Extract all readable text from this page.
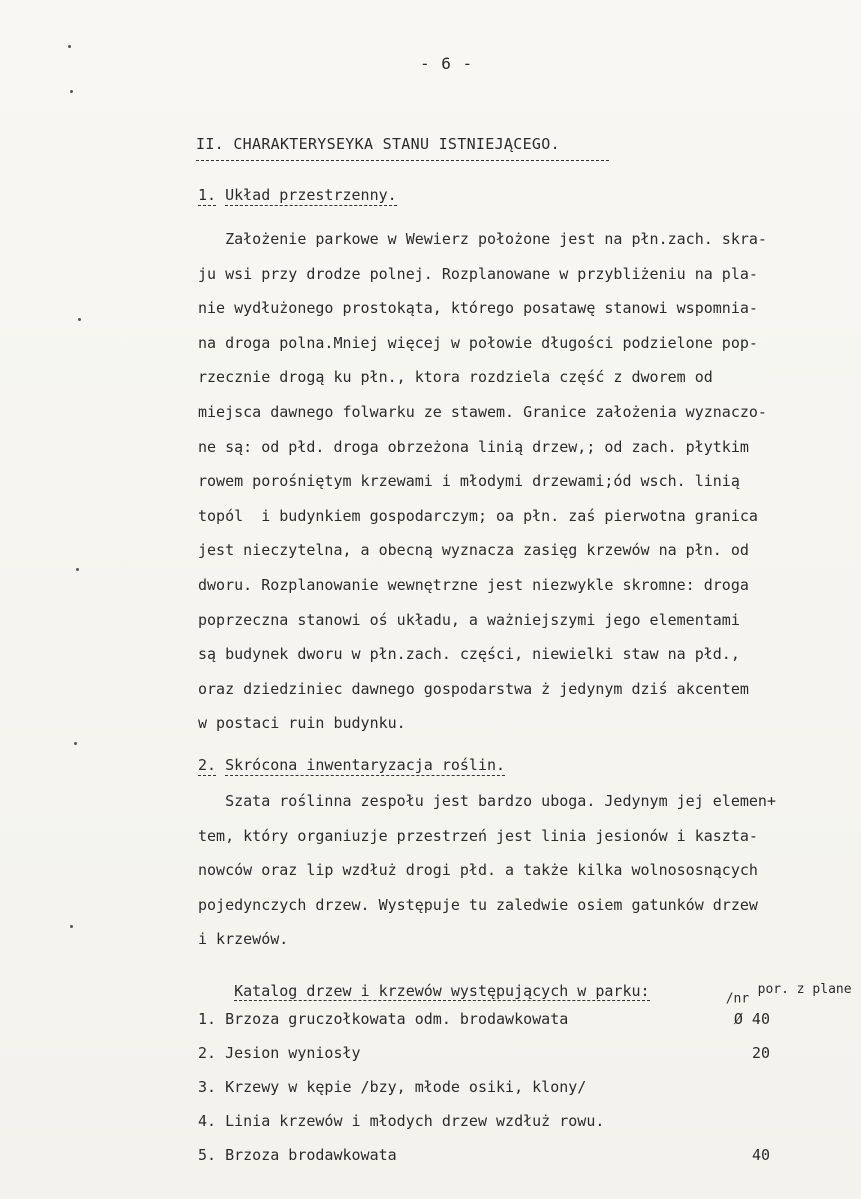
- 6 -
II. CHARAKTERYSEYKA STANU ISTNIEJĄCEGO.
1. Układ przestrzenny.
Założenie parkowe w Wewierz położone jest na płn.zach. skra-
ju wsi przy drodze polnej. Rozplanowane w przybliżeniu na pla-
nie wydłużonego prostokąta, którego posatawę stanowi wspomnia-
na droga polna.Mniej więcej w połowie długości podzielone pop-
rzecznie drogą ku płn., ktora rozdziela część z dworem od
miejsca dawnego folwarku ze stawem. Granice założenia wyznaczo-
ne są: od płd. droga obrzeżona linią drzew,; od zach. płytkim
rowem porośniętym krzewami i młodymi drzewami;ód wsch. linią
topól  i budynkiem gospodarczym; oa płn. zaś pierwotna granica
jest nieczytelna, a obecną wyznacza zasięg krzewów na płn. od
dworu. Rozplanowanie wewnętrzne jest niezwykle skromne: droga
poprzeczna stanowi oś układu, a ważniejszymi jego elementami
są budynek dworu w płn.zach. części, niewielki staw na płd.,
oraz dziedziniec dawnego gospodarstwa ż jedynym dziś akcentem
w postaci ruin budynku.
2. Skrócona inwentaryzacja roślin.
Szata roślinna zespołu jest bardzo uboga. Jedynym jej elemen+
tem, który organiuzje przestrzeń jest linia jesionów i kaszta-
nowców oraz lip wzdłuż drogi płd. a także kilka wolnososnących
pojedynczych drzew. Występuje tu zaledwie osiem gatunków drzew
i krzewów.

Katalog drzew i krzewów występujących w parku:
	$_{/nr}$ $^{por. z plane}$

1. Brzoza gruczołkowata odm. brodawkowata	Ø 40
2. Jesion wyniosły	20
3. Krzewy w kępie /bzy, młode osiki, klony/
4. Linia krzewów i młodych drzew wzdłuż rowu.
5. Brzoza brodawkowata	40
